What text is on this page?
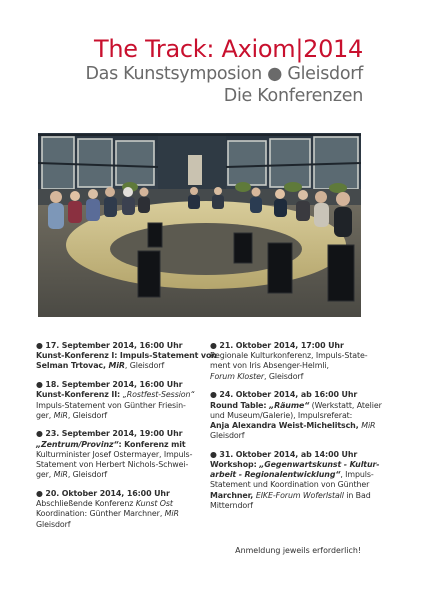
The Track: Axiom|2014
Das Kunstsymposion ● Gleisdorf
Die Konferenzen
● 17. September 2014, 16:00 Uhr
Kunst-Konferenz I: Impuls-Statement von
Selman Trtovac, MiR, Gleisdorf
● 18. September 2014, 16:00 Uhr
Kunst-Konferenz II: „Rostfest-Session“
Impuls-Statement von Günther Friesin-
ger, MiR, Gleisdorf
● 23. September 2014, 19:00 Uhr
„Zentrum/Provinz“: Konferenz mit
Kulturminister Josef Ostermayer, Impuls-
Statement von Herbert Nichols-Schwei-
ger, MiR, Gleisdorf
● 20. Oktober 2014, 16:00 Uhr
Abschließende Konferenz Kunst Ost
Koordination: Günther Marchner, MiR
Gleisdorf
● 21. Oktober 2014, 17:00 Uhr
Regionale Kulturkonferenz, Impuls-State-
ment von Iris Absenger-Helmli,
Forum Kloster, Gleisdorf
● 24. Oktober 2014, ab 16:00 Uhr
Round Table: „Räume“ (Werkstatt, Atelier
und Museum/Galerie), Impulsreferat:
Anja Alexandra Weist-Michelitsch, MiR
Gleisdorf
● 31. Oktober 2014, ab 14:00 Uhr
Workshop: „Gegenwartskunst - Kultur-
arbeit - Regionalentwicklung“, Impuls-
Statement und Koordination von Günther
Marchner, EIKE-Forum Woferlstall in Bad
Mitterndorf
Anmeldung jeweils erforderlich!
